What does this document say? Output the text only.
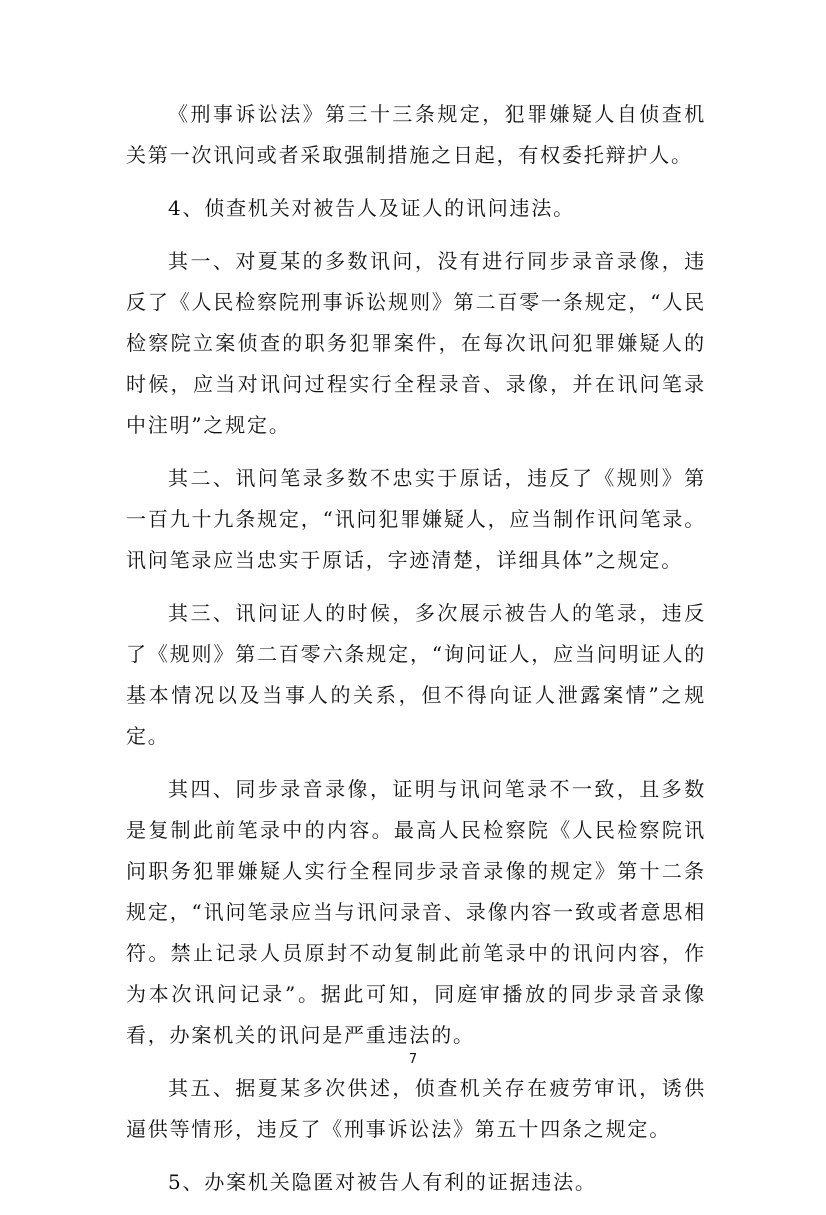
《刑事诉讼法》第三十三条规定，犯罪嫌疑人自侦查机关第一次讯问或者采取强制措施之日起，有权委托辩护人。

4、侦查机关对被告人及证人的讯问违法。

其一、对夏某的多数讯问，没有进行同步录音录像，违反了《人民检察院刑事诉讼规则》第二百零一条规定，“人民检察院立案侦查的职务犯罪案件，在每次讯问犯罪嫌疑人的时候，应当对讯问过程实行全程录音、录像，并在讯问笔录中注明”之规定。

其二、讯问笔录多数不忠实于原话，违反了《规则》第一百九十九条规定，“讯问犯罪嫌疑人，应当制作讯问笔录。讯问笔录应当忠实于原话，字迹清楚，详细具体”之规定。

其三、讯问证人的时候，多次展示被告人的笔录，违反了《规则》第二百零六条规定，“询问证人，应当问明证人的基本情况以及当事人的关系，但不得向证人泄露案情”之规定。

其四、同步录音录像，证明与讯问笔录不一致，且多数是复制此前笔录中的内容。最高人民检察院《人民检察院讯问职务犯罪嫌疑人实行全程同步录音录像的规定》第十二条规定，“讯问笔录应当与讯问录音、录像内容一致或者意思相符。禁止记录人员原封不动复制此前笔录中的讯问内容，作为本次讯问记录”。据此可知，同庭审播放的同步录音录像看，办案机关的讯问是严重违法的。

其五、据夏某多次供述，侦查机关存在疲劳审讯，诱供逼供等情形，违反了《刑事诉讼法》第五十四条之规定。

5、办案机关隐匿对被告人有利的证据违法。

7
